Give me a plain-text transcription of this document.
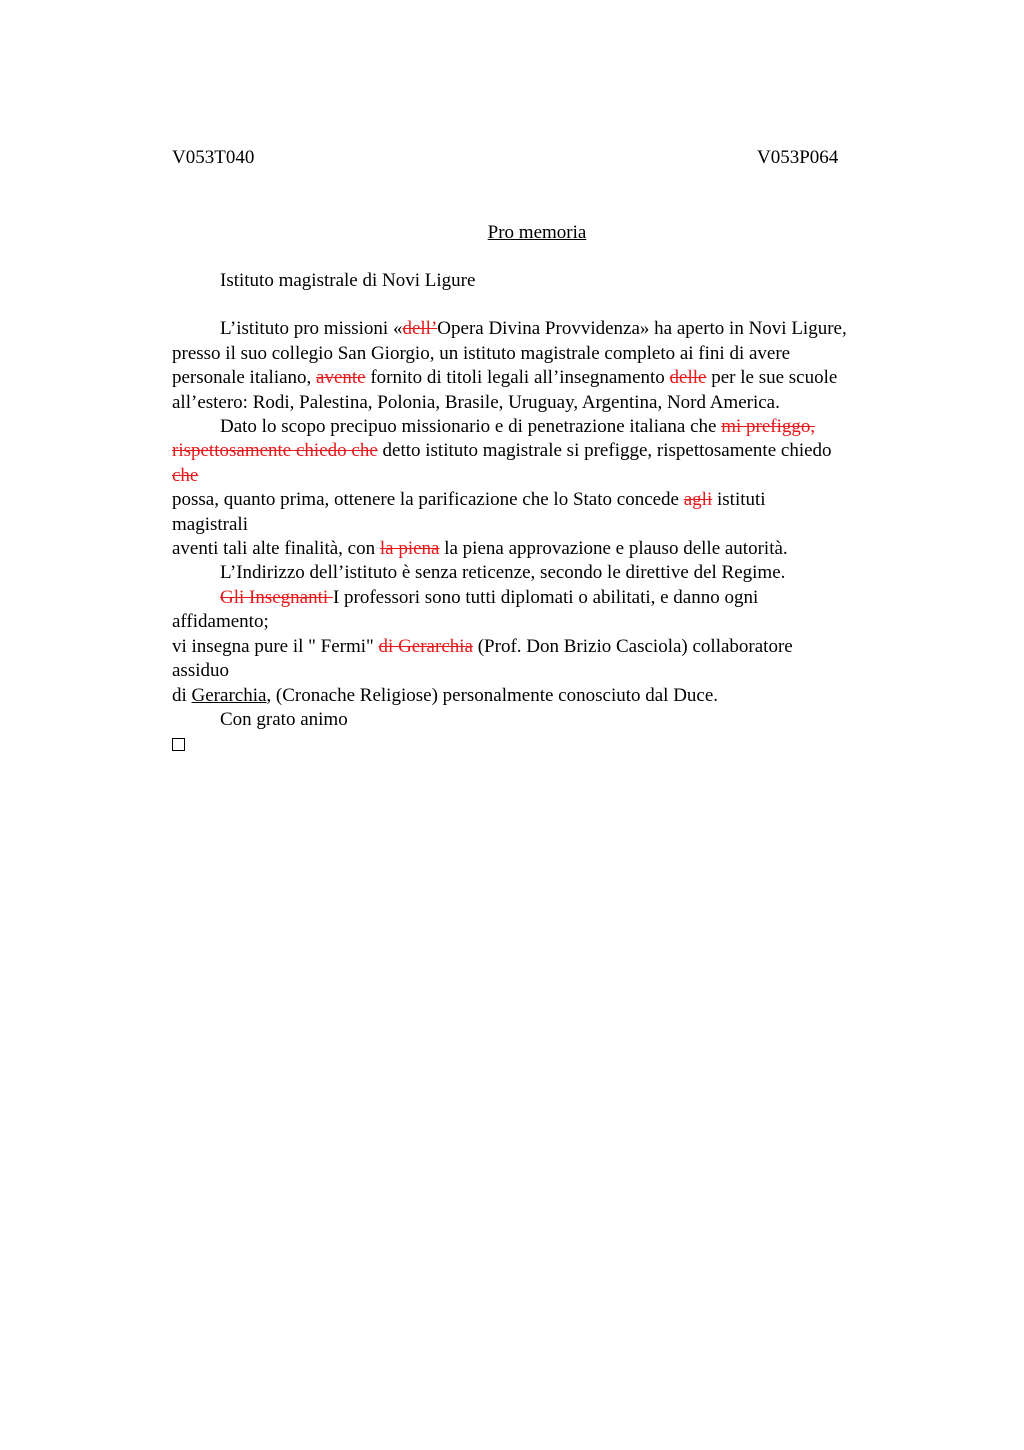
V053T040	V053P064
Pro memoria
Istituto magistrale di Novi Ligure
L’istituto pro missioni «dell’Opera Divina Provvidenza» ha aperto in Novi Ligure,
presso il suo collegio San Giorgio, un istituto magistrale completo ai fini di avere
personale italiano, avente fornito di titoli legali all’insegnamento delle per le sue scuole
all’estero: Rodi, Palestina, Polonia, Brasile, Uruguay, Argentina, Nord America.
Dato lo scopo precipuo missionario e di penetrazione italiana che mi prefiggo,
rispettosamente chiedo che detto istituto magistrale si prefigge, rispettosamente chiedo
che
possa, quanto prima, ottenere la parificazione che lo Stato concede agli istituti
magistrali
aventi tali alte finalità, con la piena la piena approvazione e plauso delle autorità.
L’Indirizzo dell’istituto è senza reticenze, secondo le direttive del Regime.
Gli Insegnanti I professori sono tutti diplomati o abilitati, e danno ogni
affidamento;
vi insegna pure il " Fermi" di Gerarchia (Prof. Don Brizio Casciola) collaboratore
assiduo
di Gerarchia, (Cronache Religiose) personalmente conosciuto dal Duce.
Con grato animo
